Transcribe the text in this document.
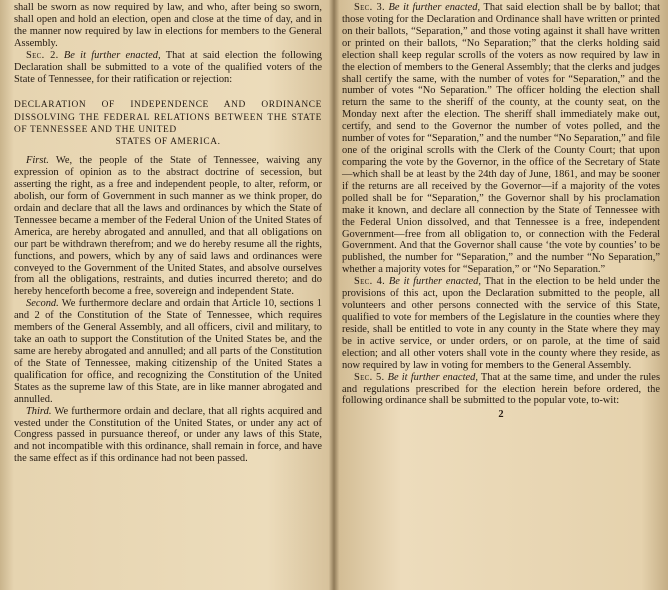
shall be sworn as now required by law, and who, after being so sworn, shall open and hold an election, open and close at the time of day, and in the manner now required by law in elections for members to the General Assembly.

Sec. 2. Be it further enacted, That at said election the following Declaration shall be submitted to a vote of the qualified voters of the State of Tennessee, for their ratification or rejection:

DECLARATION OF INDEPENDENCE AND ORDINANCE DISSOLVING THE FEDERAL RELATIONS BETWEEN THE STATE OF TENNESSEE AND THE UNITED
STATES OF AMERICA.

First. We, the people of the State of Tennessee, waiving any expression of opinion as to the abstract doctrine of secession, but asserting the right, as a free and independent people, to alter, reform, or abolish, our form of Government in such manner as we think proper, do ordain and declare that all the laws and ordinances by which the State of Tennessee became a member of the Federal Union of the United States of America, are hereby abrogated and annulled, and that all obligations on our part be withdrawn therefrom; and we do hereby resume all the rights, functions, and powers, which by any of said laws and ordinances were conveyed to the Government of the United States, and absolve ourselves from all the obligations, restraints, and duties incurred thereto; and do hereby henceforth become a free, sovereign and independent State.

Second. We furthermore declare and ordain that Article 10, sections 1 and 2 of the Constitution of the State of Tennessee, which requires members of the General Assembly, and all officers, civil and military, to take an oath to support the Constitution of the United States be, and the same are hereby abrogated and annulled; and all parts of the Constitution of the State of Tennessee, making citizenship of the United States a qualification for office, and recognizing the Constitution of the United States as the supreme law of this State, are in like manner abrogated and annulled.

Third. We furthermore ordain and declare, that all rights acquired and vested under the Constitution of the United States, or under any act of Congress passed in pursuance thereof, or under any laws of this State, and not incompatible with this ordinance, shall remain in force, and have the same effect as if this ordinance had not been passed.

Sec. 3. Be it further enacted, That said election shall be by ballot; that those voting for the Declaration and Ordinance shall have written or printed on their ballots, “Separation,” and those voting against it shall have written or printed on their ballots, “No Separation;” that the clerks holding said election shall keep regular scrolls of the voters as now required by law in the election of members to the General Assembly; that the clerks and judges shall certify the same, with the number of votes for “Separation,” and the number of votes “No Separation.” The officer holding the election shall return the same to the sheriff of the county, at the county seat, on the Monday next after the election. The sheriff shall immediately make out, certify, and send to the Governor the number of votes polled, and the number of votes for “Separation,” and the number “No Separation,” and file one of the original scrolls with the Clerk of the County Court; that upon comparing the vote by the Governor, in the office of the Secretary of State—which shall be at least by the 24th day of June, 1861, and may be sooner if the returns are all received by the Governor—if a majority of the votes polled shall be for “Separation,” the Governor shall by his proclamation make it known, and declare all connection by the State of Tennessee with the Federal Union dissolved, and that Tennessee is a free, independent Government—free from all obligation to, or connection with the Federal Government. And that the Governor shall cause ‘the vote by counties’ to be published, the number for “Separation,” and the number “No Separation,” whether a majority votes for “Separation,” or “No Separation.”

Sec. 4. Be it further enacted, That in the election to be held under the provisions of this act, upon the Declaration submitted to the people, all volunteers and other persons connected with the service of this State, qualified to vote for members of the Legislature in the counties where they reside, shall be entitled to vote in any county in the State where they may be in active service, or under orders, or on parole, at the time of said election; and all other voters shall vote in the county where they reside, as now required by law in voting for members to the General Assembly.

Sec. 5. Be it further enacted, That at the same time, and under the rules and regulations prescribed for the election herein before ordered, the following ordinance shall be submitted to the popular vote, to-wit:

2
